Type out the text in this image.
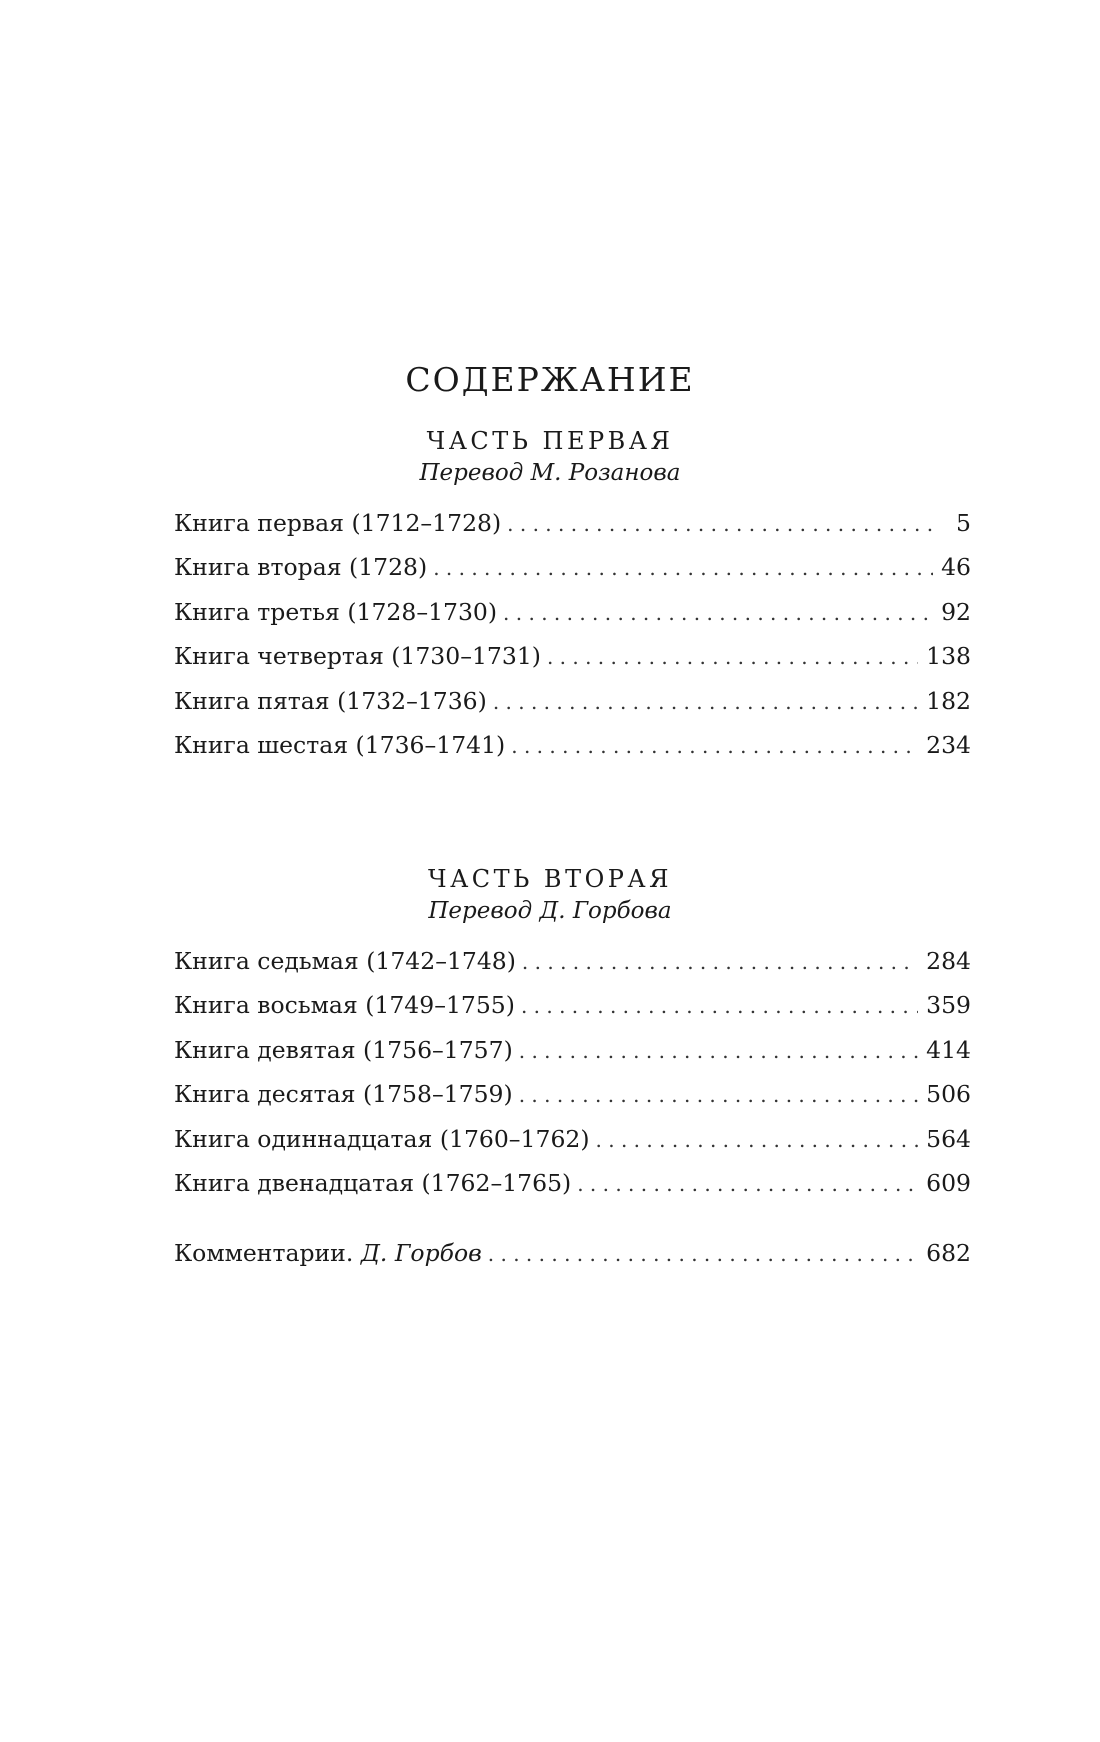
СОДЕРЖАНИЕ
ЧАСТЬ ПЕРВАЯ
Перевод М. Розанова
Книга первая (1712–1728) . . .	5
Книга вторая (1728) . . .	46
Книга третья (1728–1730) . . .	92
Книга четвертая (1730–1731) . . .	138
Книга пятая (1732–1736) . . .	182
Книга шестая (1736–1741) . . .	234
ЧАСТЬ ВТОРАЯ
Перевод Д. Горбова
Книга седьмая (1742–1748) . . .	284
Книга восьмая (1749–1755) . . .	359
Книга девятая (1756–1757) . . .	414
Книга десятая (1758–1759) . . .	506
Книга одиннадцатая (1760–1762) . . .	564
Книга двенадцатая (1762–1765) . . .	609
Комментарии. Д. Горбов . . .	682
